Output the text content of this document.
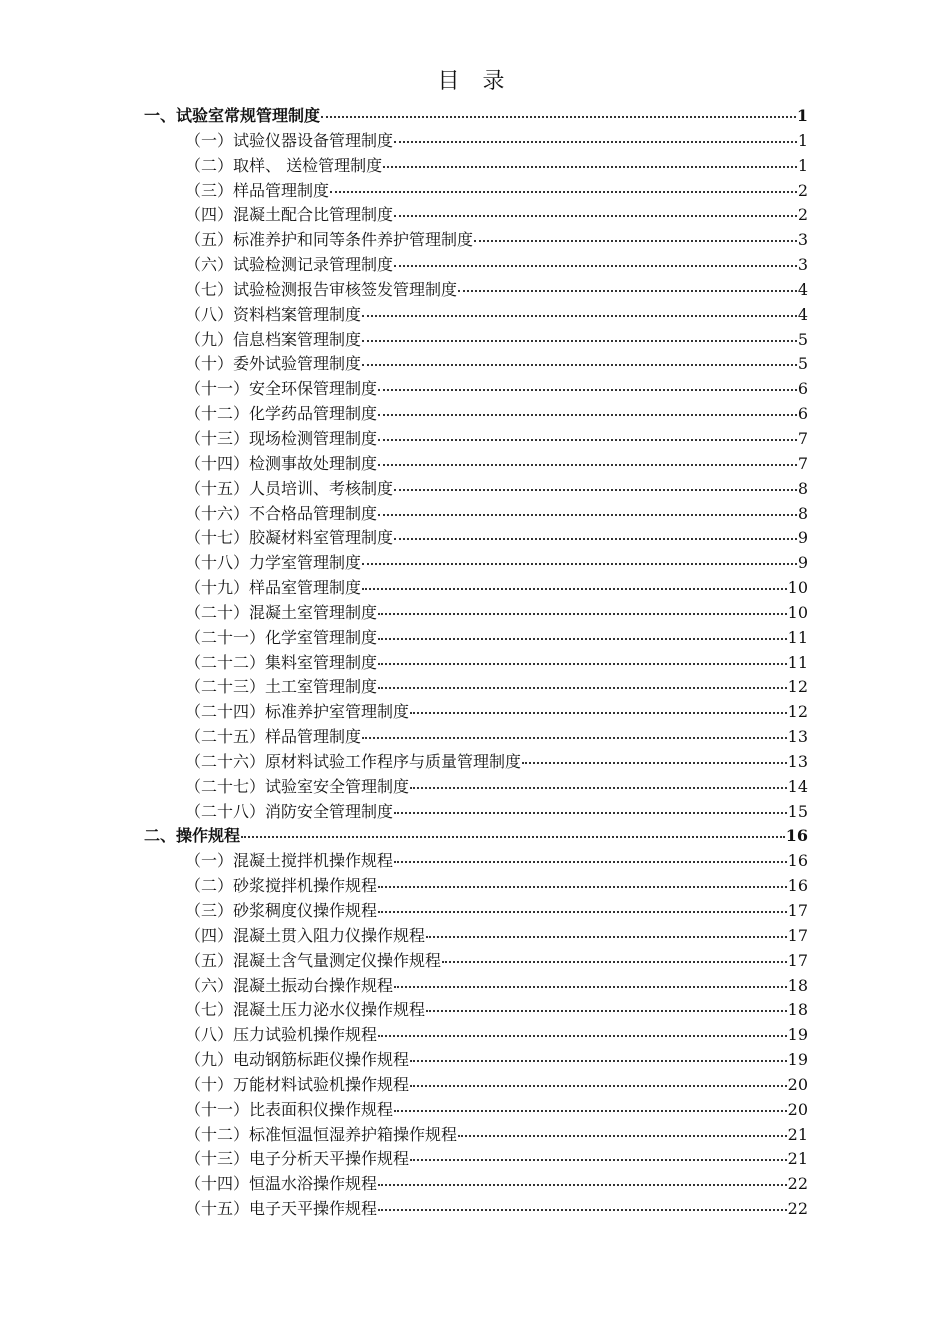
目 录
一、试验室常规管理制度	1
（一）试验仪器设备管理制度	1
（二）取样、 送检管理制度	1
（三）样品管理制度	2
（四）混凝土配合比管理制度	2
（五）标准养护和同等条件养护管理制度	3
（六）试验检测记录管理制度	3
（七）试验检测报告审核签发管理制度	4
（八）资料档案管理制度	4
（九）信息档案管理制度	5
（十）委外试验管理制度	5
（十一）安全环保管理制度	6
（十二）化学药品管理制度	6
（十三）现场检测管理制度	7
（十四）检测事故处理制度	7
（十五）人员培训、考核制度	8
（十六）不合格品管理制度	8
（十七）胶凝材料室管理制度	9
（十八）力学室管理制度	9
（十九）样品室管理制度	10
（二十）混凝土室管理制度	10
（二十一）化学室管理制度	11
（二十二）集料室管理制度	11
（二十三）土工室管理制度	12
（二十四）标准养护室管理制度	12
（二十五）样品管理制度	13
（二十六）原材料试验工作程序与质量管理制度	13
（二十七）试验室安全管理制度	14
（二十八）消防安全管理制度	15
二、操作规程	16
（一）混凝土搅拌机操作规程	16
（二）砂浆搅拌机操作规程	16
（三）砂浆稠度仪操作规程	17
（四）混凝土贯入阻力仪操作规程	17
（五）混凝土含气量测定仪操作规程	17
（六）混凝土振动台操作规程	18
（七）混凝土压力泌水仪操作规程	18
（八）压力试验机操作规程	19
（九）电动钢筋标距仪操作规程	19
（十）万能材料试验机操作规程	20
（十一）比表面积仪操作规程	20
（十二）标准恒温恒湿养护箱操作规程	21
（十三）电子分析天平操作规程	21
（十四）恒温水浴操作规程	22
（十五）电子天平操作规程	22
